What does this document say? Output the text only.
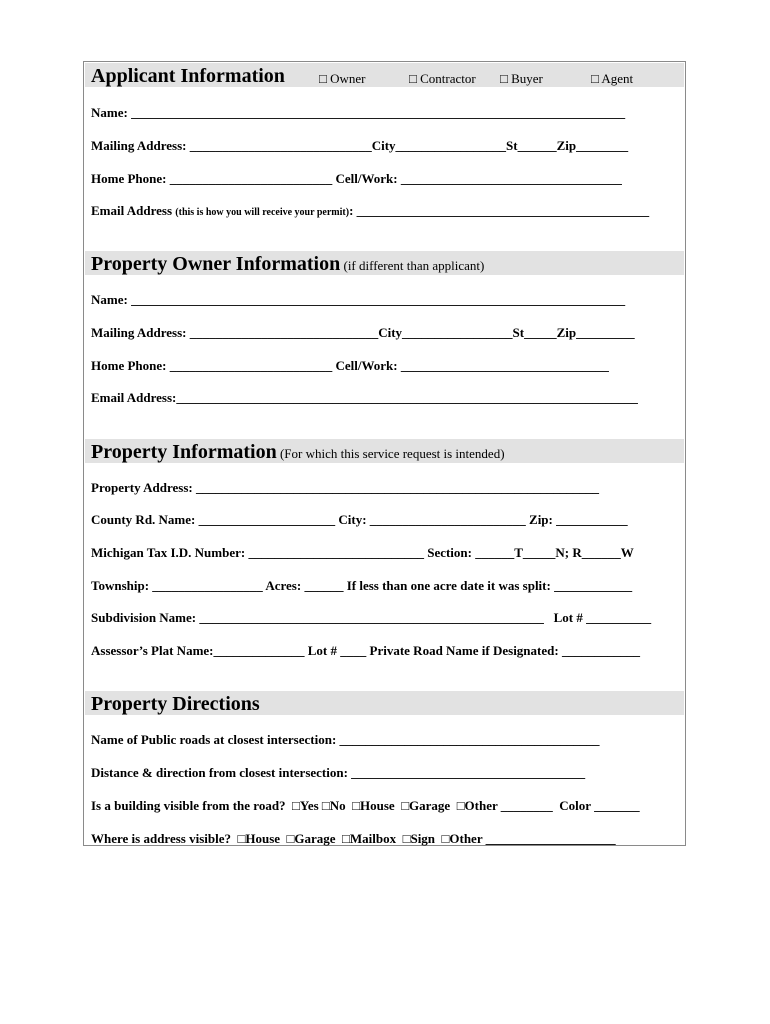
Applicant Information	□ Owner	□ Contractor □ Buyer	□ Agent
Name: ____________________________________________________________________________
Mailing Address: ____________________________City_________________St______Zip________
Home Phone: _________________________ Cell/Work: __________________________________
Email Address (this is how you will receive your permit): _____________________________________________
Property Owner Information (if different than applicant)
Name: ____________________________________________________________________________
Mailing Address: _____________________________City_________________St_____Zip_________
Home Phone: _________________________ Cell/Work: ________________________________
Email Address:_______________________________________________________________________
Property Information (For which this service request is intended)
Property Address: ______________________________________________________________
County Rd. Name: _____________________ City: ________________________ Zip: ___________
Michigan Tax I.D. Number: ___________________________ Section: ______T_____N; R______W
Township: _________________ Acres: ______ If less than one acre date it was split: ____________
Subdivision Name: _____________________________________________________   Lot # __________
Assessor’s Plat Name:______________ Lot # ____ Private Road Name if Designated: ____________
Property Directions
Name of Public roads at closest intersection: ________________________________________
Distance & direction from closest intersection: ____________________________________
Is a building visible from the road?  □Yes □No  □House  □Garage  □Other ________  Color _______
Where is address visible?  □House  □Garage  □Mailbox  □Sign  □Other ____________________
